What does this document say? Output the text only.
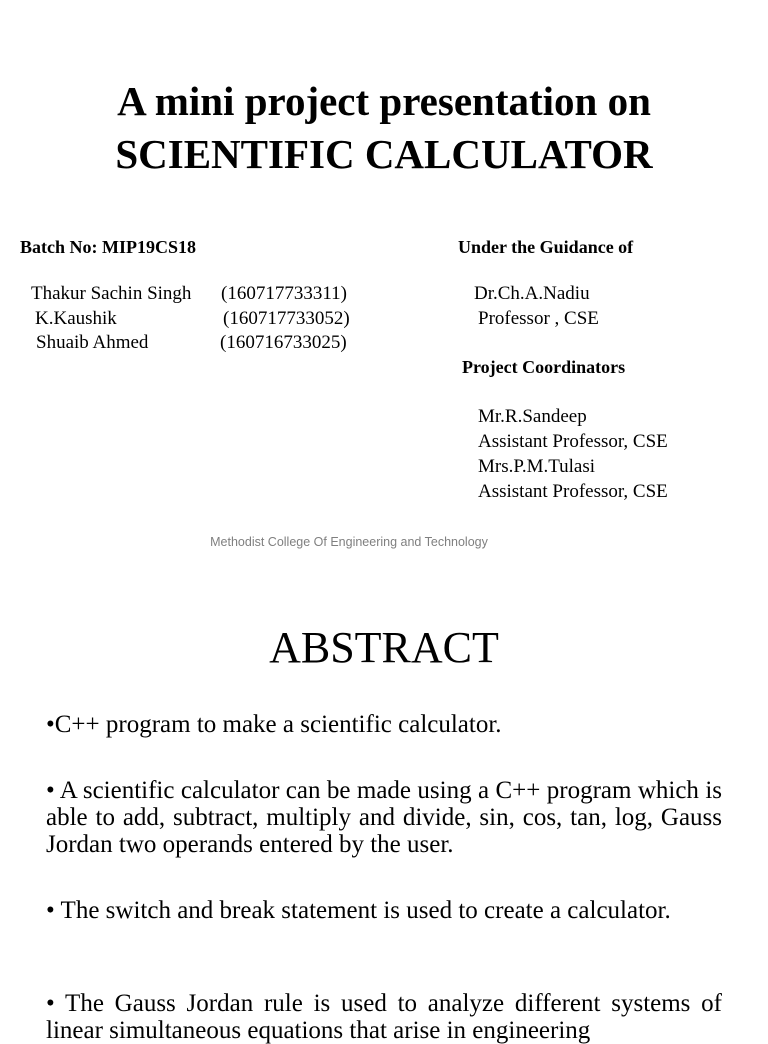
A mini project presentation on
SCIENTIFIC CALCULATOR
Batch No: MIP19CS18	Under the Guidance of
Thakur Sachin Singh (160717733311)
K.Kaushik	(160717733052)
Shuaib Ahmed	(160716733025)
Dr.Ch.A.Nadiu
Professor , CSE
Project Coordinators
Mr.R.Sandeep
Assistant Professor, CSE
Mrs.P.M.Tulasi
Assistant Professor, CSE
Methodist College Of Engineering and Technology
ABSTRACT
•C++ program to make a scientific calculator.
• A scientific calculator can be made using a C++ program which is able to add, subtract, multiply and divide, sin, cos, tan, log, Gauss Jordan two operands entered by the user.
• The switch and break statement is used to create a calculator.
• The Gauss Jordan rule is used to analyze different systems of linear simultaneous equations that arise in engineering
